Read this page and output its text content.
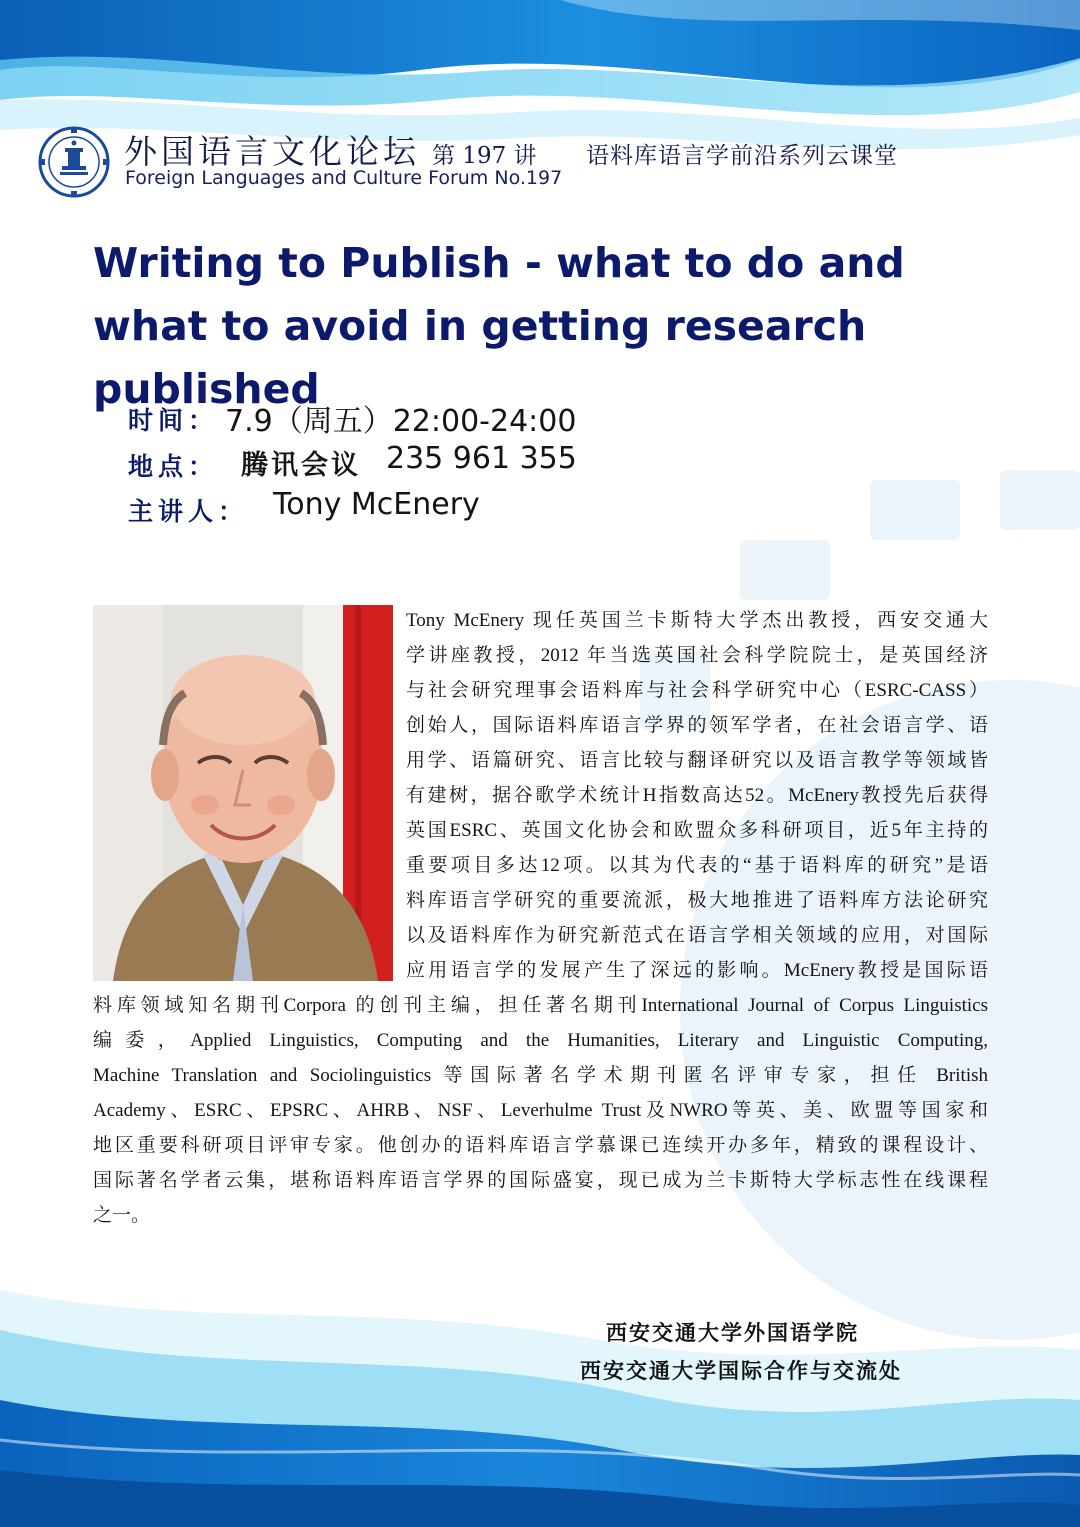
外国语言文化论坛 第 197 讲 语料库语言学前沿系列云课堂
Foreign Languages and Culture Forum No.197
Writing to Publish - what to do and what to avoid in getting research published
时间： 7.9（周五）22:00-24:00
地点： 腾讯会议 235 961 355
主讲人： Tony McEnery
Tony McEnery 现任英国兰卡斯特大学杰出教授，西安交通大
学讲座教授，2012 年当选英国社会科学院院士，是英国经济
与社会研究理事会语料库与社会科学研究中心（ESRC-CASS）
创始人，国际语料库语言学界的领军学者，在社会语言学、语
用学、语篇研究、语言比较与翻译研究以及语言教学等领域皆
有建树，据谷歌学术统计H指数高达52。McEnery教授先后获得
英国ESRC、英国文化协会和欧盟众多科研项目，近5年主持的
重要项目多达12项。以其为代表的“基于语料库的研究”是语
料库语言学研究的重要流派，极大地推进了语料库方法论研究
以及语料库作为研究新范式在语言学相关领域的应用，对国际
应用语言学的发展产生了深远的影响。McEnery教授是国际语
料库领域知名期刊Corpora 的创刊主编，担任著名期刊International Journal of Corpus Linguistics
编委，Applied Linguistics, Computing and the Humanities, Literary and Linguistic Computing,
Machine Translation and Sociolinguistics 等国际著名学术期刊匿名评审专家，担任 British
Academy、ESRC、EPSRC、AHRB、NSF、Leverhulme Trust及NWRO等英、美、欧盟等国家和
地区重要科研项目评审专家。他创办的语料库语言学慕课已连续开办多年，精致的课程设计、
国际著名学者云集，堪称语料库语言学界的国际盛宴，现已成为兰卡斯特大学标志性在线课程
之一。
西安交通大学外国语学院
西安交通大学国际合作与交流处
